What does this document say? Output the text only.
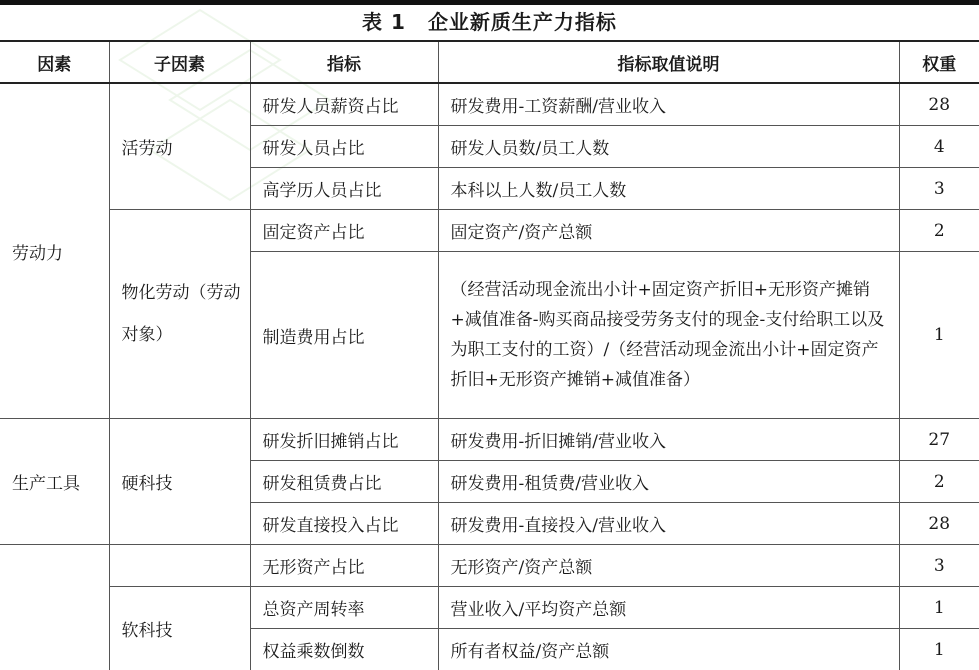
表 1 企业新质生产力指标
因素	子因素	指标	指标取值说明	权重
劳动力	活劳动	研发人员薪资占比	研发费用-工资薪酬/营业收入	28
		研发人员占比	研发人员数/员工人数	4
		高学历人员占比	本科以上人数/员工人数	3
	物化劳动（劳动对象）	固定资产占比	固定资产/资产总额	2
		制造费用占比	（经营活动现金流出小计+固定资产折旧+无形资产摊销+减值准备-购买商品接受劳务支付的现金-支付给职工以及为职工支付的工资）/（经营活动现金流出小计+固定资产折旧+无形资产摊销+减值准备）	1
生产工具	硬科技	研发折旧摊销占比	研发费用-折旧摊销/营业收入	27
		研发租赁费占比	研发费用-租赁费/营业收入	2
		研发直接投入占比	研发费用-直接投入/营业收入	28
		无形资产占比	无形资产/资产总额	3
	软科技	总资产周转率	营业收入/平均资产总额	1
		权益乘数倒数	所有者权益/资产总额	1
